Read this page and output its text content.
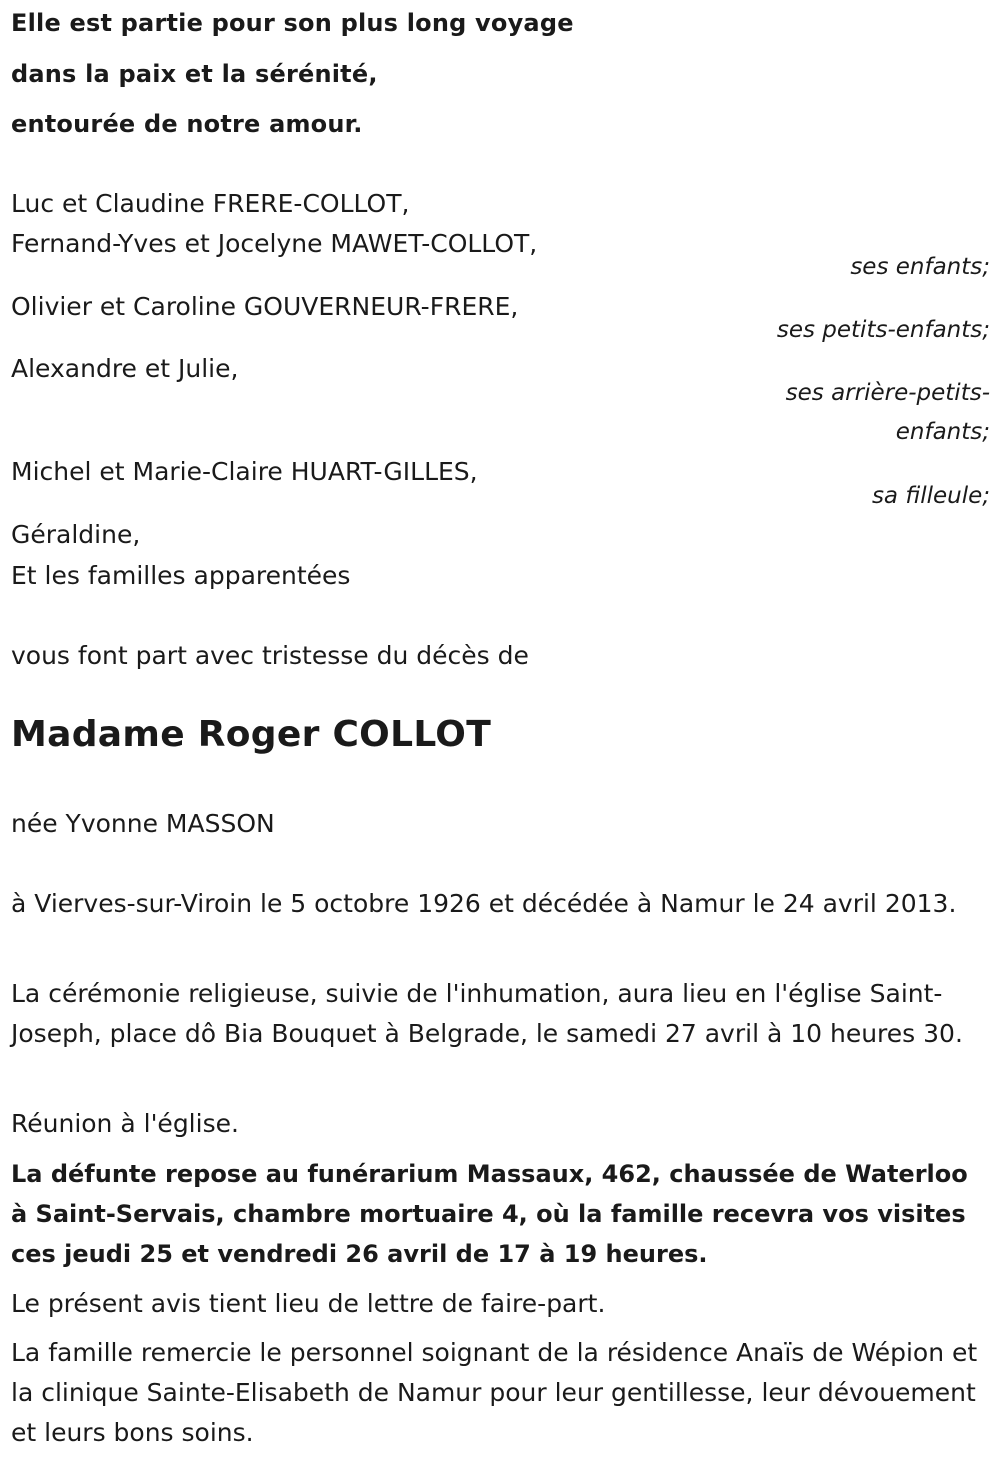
Elle est partie pour son plus long voyage

dans la paix et la sérénité,

entourée de notre amour.

Luc et Claudine FRERE-COLLOT,

Fernand-Yves et Jocelyne MAWET-COLLOT,

ses enfants;

Olivier et Caroline GOUVERNEUR-FRERE,

ses petits-enfants;

Alexandre et Julie,

ses arrière-petits-

enfants;

Michel et Marie-Claire HUART-GILLES,

sa filleule;

Géraldine,

Et les familles apparentées

vous font part avec tristesse du décès de

Madame Roger COLLOT

née Yvonne MASSON

à Vierves-sur-Viroin le 5 octobre 1926 et décédée à Namur le 24 avril 2013.

La cérémonie religieuse, suivie de l'inhumation, aura lieu en l'église Saint-Joseph, place dô Bia Bouquet à Belgrade, le samedi 27 avril à 10 heures 30.

Réunion à l'église.

La défunte repose au funérarium Massaux, 462, chaussée de Waterloo à Saint-Servais, chambre mortuaire 4, où la famille recevra vos visites ces jeudi 25 et vendredi 26 avril de 17 à 19 heures.

Le présent avis tient lieu de lettre de faire-part.

La famille remercie le personnel soignant de la résidence Anaïs de Wépion et la clinique Sainte-Elisabeth de Namur pour leur gentillesse, leur dévouement et leurs bons soins.
